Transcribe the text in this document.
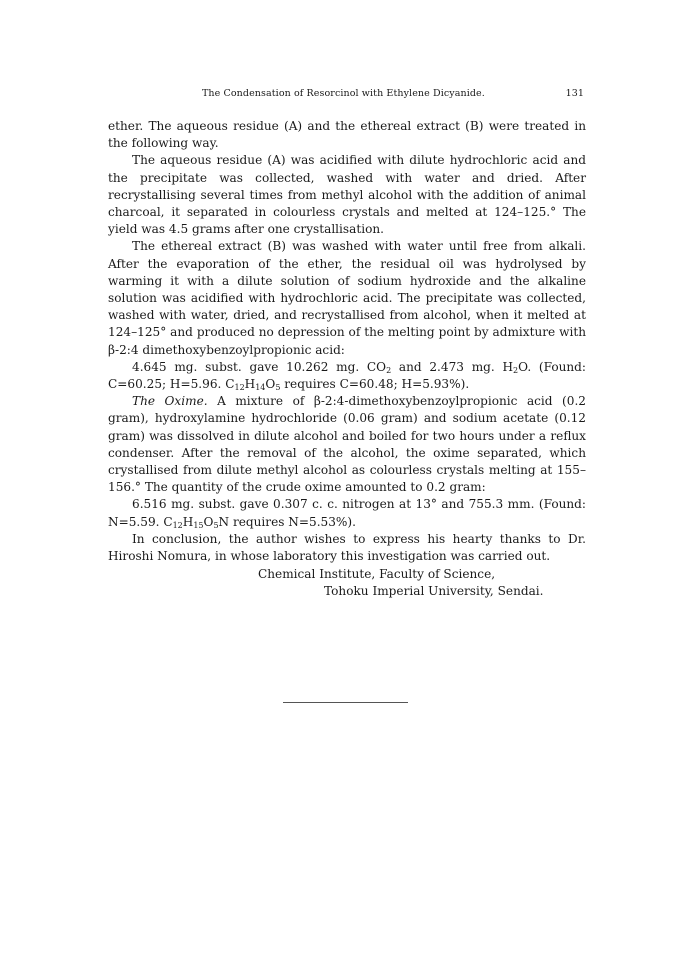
The Condensation of Resorcinol with Ethylene Dicyanide.	131

ether. The aqueous residue (A) and the ethereal extract (B) were treated in the following way.

The aqueous residue (A) was acidified with dilute hydrochloric acid and the precipitate was collected, washed with water and dried. After recrystallising several times from methyl alcohol with the addition of animal charcoal, it separated in colourless crystals and melted at 124–125.° The yield was 4.5 grams after one crystallisation.

The ethereal extract (B) was washed with water until free from alkali. After the evaporation of the ether, the residual oil was hydrolysed by warming it with a dilute solution of sodium hydroxide and the alkaline solution was acidified with hydrochloric acid. The precipitate was collected, washed with water, dried, and recrystallised from alcohol, when it melted at 124–125° and produced no depression of the melting point by admixture with β-2:4 dimethoxybenzoylpropionic acid:

4.645 mg. subst. gave 10.262 mg. $CO_2$ and 2.473 mg. $H_2O$. (Found: C=60.25; H=5.96. $C_{12}H_{14}O_5$ requires C=60.48; H=5.93%).

The Oxime. A mixture of β-2:4-dimethoxybenzoylpropionic acid (0.2 gram), hydroxylamine hydrochloride (0.06 gram) and sodium acetate (0.12 gram) was dissolved in dilute alcohol and boiled for two hours under a reflux condenser. After the removal of the alcohol, the oxime separated, which crystallised from dilute methyl alcohol as colourless crystals melting at 155–156.° The quantity of the crude oxime amounted to 0.2 gram:

6.516 mg. subst. gave 0.307 c. c. nitrogen at 13° and 755.3 mm. (Found: N=5.59. $C_{12}H_{15}O_5N$ requires N=5.53%).

In conclusion, the author wishes to express his hearty thanks to Dr. Hiroshi Nomura, in whose laboratory this investigation was carried out.

Chemical Institute, Faculty of Science,
Tohoku Imperial University, Sendai.
